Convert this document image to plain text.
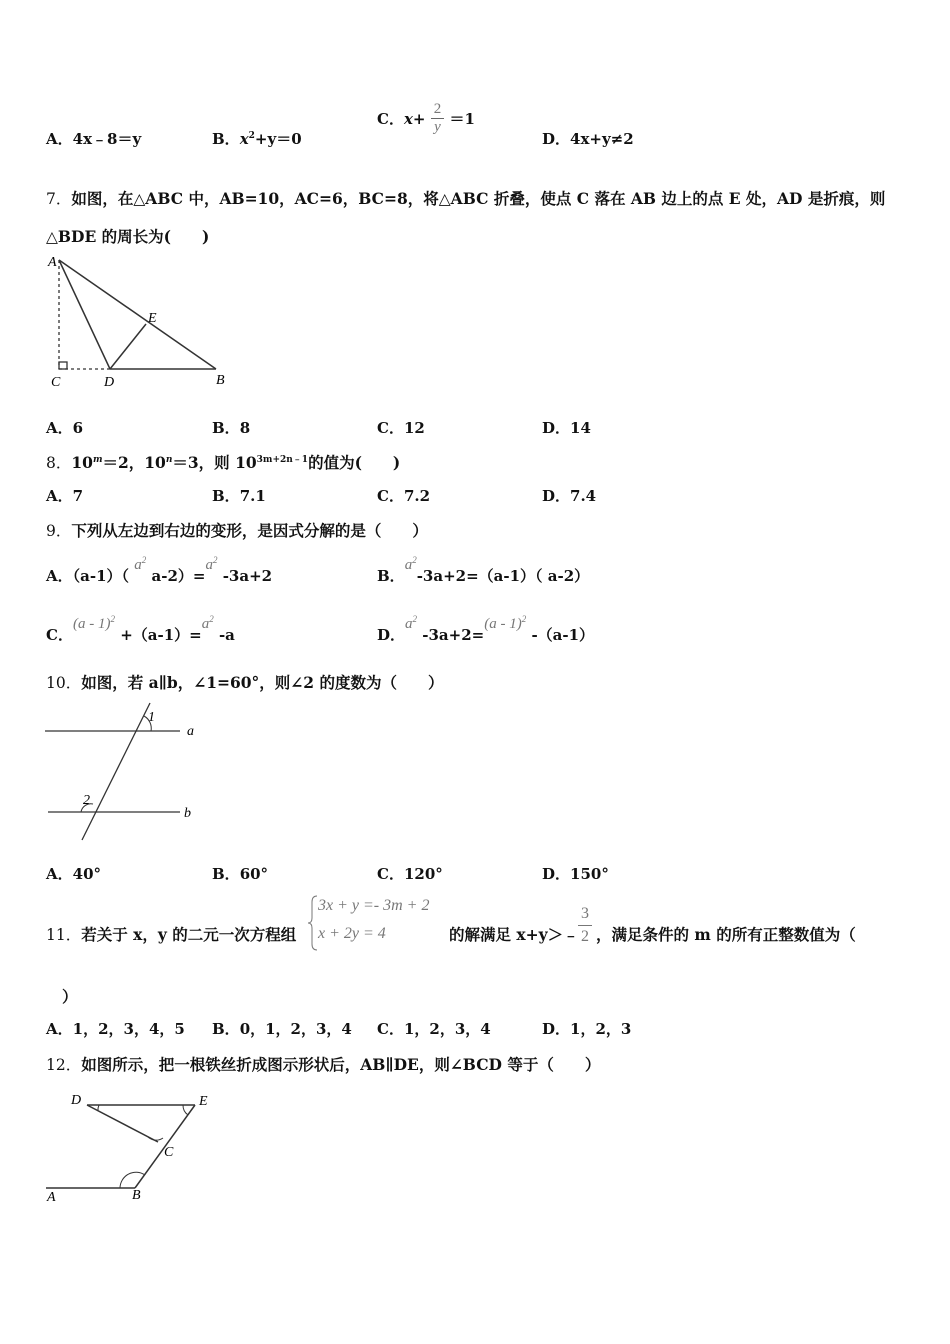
A．4x﹣8＝y	B．$x^2+y=0$
C．$x+ \frac{2}{y} =1$
D．4x+y≠2
7．如图，在△ABC 中，AB=10，AC=6，BC=8，将△ABC 折叠，使点 C 落在 AB 边上的点 E 处，AD 是折痕，则
△BDE 的周长为(　　)
A
E
C	D	B
A．6	B．8	C．12	D．14
8．$10^m=2$，$10^n=3$，则 $10^{3m+2n﹣1}$的值为(　　)
A．7	B．7.1	C．7.2	D．7.4
9．下列从左边到右边的变形，是因式分解的是（　　）
A．（a-1）（ $a^2$ $a-2)=a^2$ -3a+2	B．$a^2-3a+2=(a-1)$（ a-2）
C．$(a - 1)^2 +(a-1)=a^2$ -a	D．$a^2$ -3a+2=(a - 1)$^2$ -（a-1）
10．如图，若 a∥b，∠1=60°，则∠2 的度数为（　　）
1
2
a
b
A．40°	B．60°	C．120°	D．150°
11．若关于 x，y 的二元一次方程组
3x + y =- 3m + 2
x + 2y = 4	的解满足 x+y＞﹣
3
2 ，满足条件的 m 的所有正整数值为（
）
A．1，2，3，4，5 B．0，1，2，3，4 C．1，2，3，4	D．1，2，3
12．如图所示，把一根铁丝折成图示形状后，AB∥DE，则∠BCD 等于（　　）
D	E
C
A	B
